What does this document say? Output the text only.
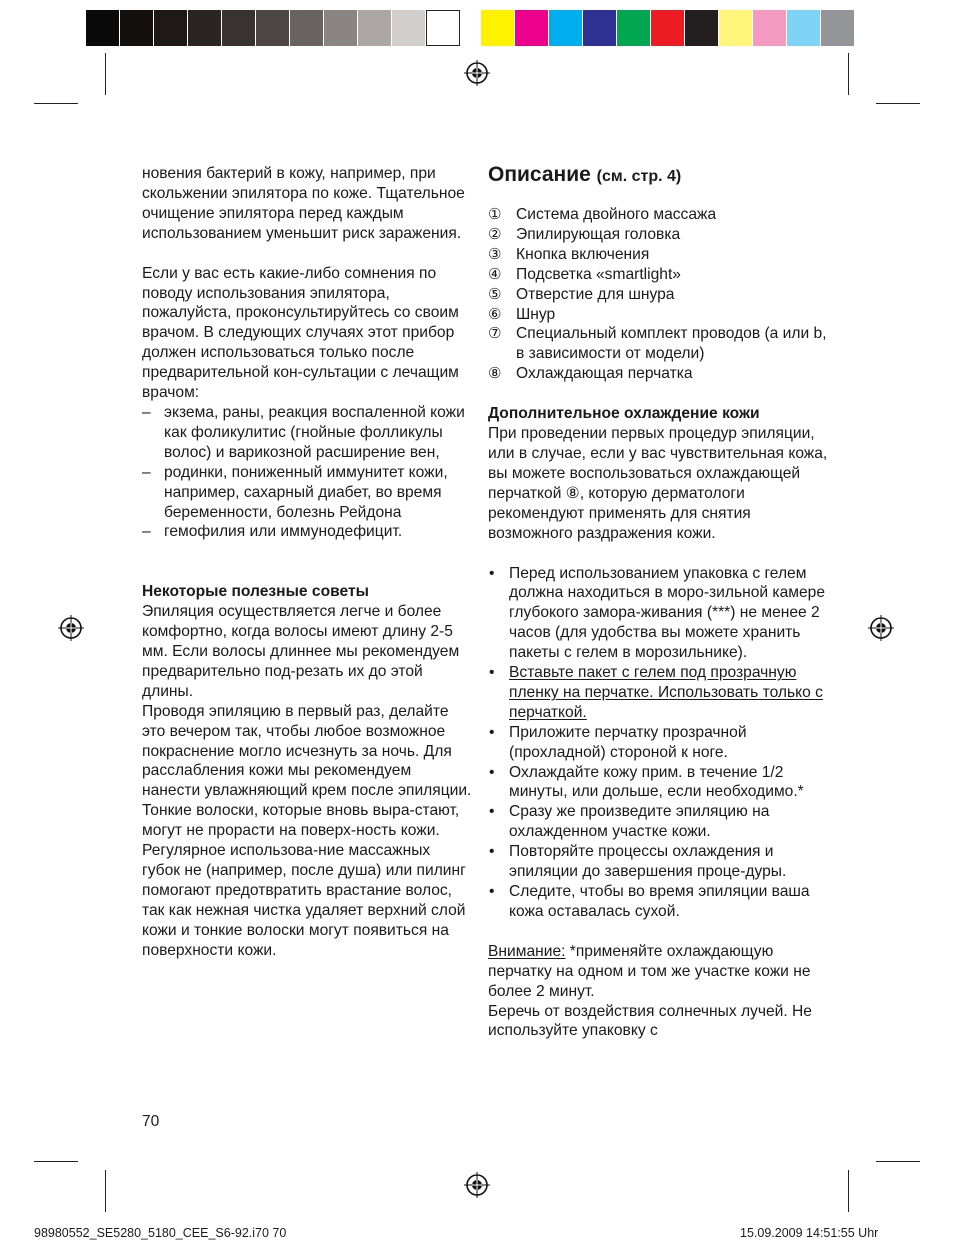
новения бактерий в кожу, например, при скольжении эпилятора по коже. Тщательное очищение эпилятора перед каждым использованием уменьшит риск заражения.

Если у вас есть какие-либо сомнения по поводу использования эпилятора, пожалуйста, проконсультируйтесь со своим врачом. В следующих случаях этот прибор должен использоваться только после предварительной кон-сультации с лечащим врачом:

– экзема, раны, реакция воспаленной кожи как фоликулитис (гнойные фолликулы волос) и варикозной расширение вен,
– родинки, пониженный иммунитет кожи, например, сахарный диабет, во время беременности, болезнь Рейдона
– гемофилия или иммунодефицит.

Некоторые полезные советы

Эпиляция осуществляется легче и более комфортно, когда волосы имеют длину 2-5 мм. Если волосы длиннее мы рекомендуем предварительно под-резать их до этой длины.

Проводя эпиляцию в первый раз, делайте это вечером так, чтобы любое возможное покраснение могло исчезнуть за ночь. Для расслабления кожи мы рекомендуем нанести увлажняющий крем после эпиляции.

Тонкие волоски, которые вновь выра-стают, могут не прорасти на поверх-ность кожи. Регулярное использова-ние массажных губок не (например, после душа) или пилинг помогают предотвратить врастание волос, так как нежная чистка удаляет верхний слой кожи и тонкие волоски могут появиться на поверхности кожи.

Описание (см. стр. 4)
① Система двойного массажа
② Эпилирующая головка
③ Кнопка включения
④ Подсветка «smartlight»
⑤ Отверстие для шнура
⑥ Шнур
⑦ Специальный комплект проводов (a или b, в зависимости от модели)
⑧ Охлаждающая перчатка

Дополнительное охлаждение кожи

При проведении первых процедур эпиляции, или в случае, если у вас чувствительная кожа, вы можете воспользоваться охлаждающей перчаткой ⑧, которую дерматологи рекомендуют применять для снятия возможного раздражения кожи.

• Перед использованием упаковка с гелем должна находиться в моро-зильной камере глубокого замора-живания (***) не менее 2 часов (для удобства вы можете хранить пакеты с гелем в морозильнике).
• Вставьте пакет с гелем под прозрачную пленку на перчатке. Использовать только с перчаткой.
• Приложите перчатку прозрачной (прохладной) стороной к ноге.
• Охлаждайте кожу прим. в течение 1/2 минуты, или дольше, если необходимо.*
• Сразу же произведите эпиляцию на охлажденном участке кожи.
• Повторяйте процессы охлаждения и эпиляции до завершения проце-дуры.
• Следите, чтобы во время эпиляции ваша кожа оставалась сухой.

Внимание: *применяйте охлаждающую перчатку на одном и том же участке кожи не более 2 минут.

Беречь от воздействия солнечных лучей. Не используйте упаковку с

70
98980552_SE5280_5180_CEE_S6-92.i70 70	15.09.2009 14:51:55 Uhr
